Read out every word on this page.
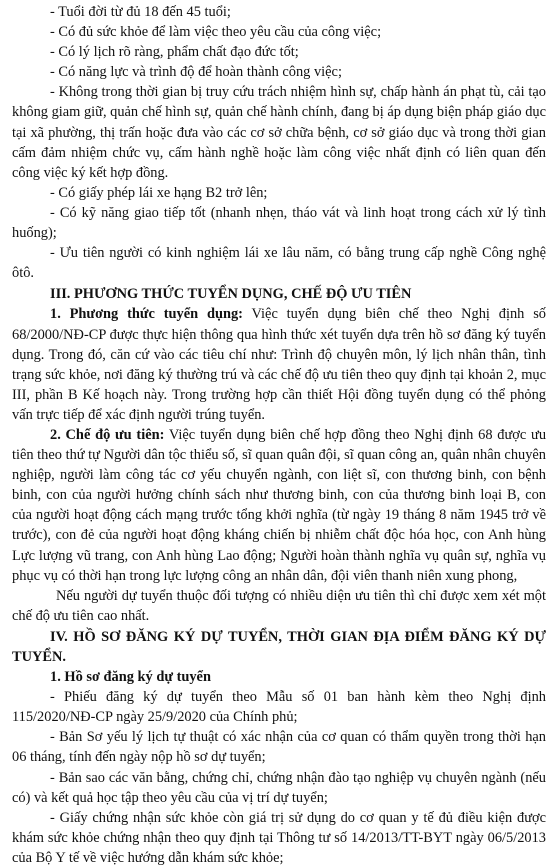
- Tuổi đời từ đủ 18 đến 45 tuổi;

- Có đủ sức khỏe để làm việc theo yêu cầu của công việc;

- Có lý lịch rõ ràng, phẩm chất đạo đức tốt;

- Có năng lực và trình độ để hoàn thành công việc;

- Không trong thời gian bị truy cứu trách nhiệm hình sự, chấp hành án phạt tù, cải tạo không giam giữ, quản chế hình sự, quản chế hành chính, đang bị áp dụng biện pháp giáo dục tại xã phường, thị trấn hoặc đưa vào các cơ sở chữa bệnh, cơ sở giáo dục và trong thời gian cấm đảm nhiệm chức vụ, cấm hành nghề hoặc làm công việc nhất định có liên quan đến công việc ký kết hợp đồng.

- Có giấy phép lái xe hạng B2 trở lên;

- Có kỹ năng giao tiếp tốt (nhanh nhẹn, tháo vát và linh hoạt trong cách xử lý tình huống);

- Ưu tiên người có kinh nghiệm lái xe lâu năm, có bằng trung cấp nghề Công nghệ ôtô.

III. PHƯƠNG THỨC TUYỂN DỤNG, CHẾ ĐỘ ƯU TIÊN

1. Phương thức tuyển dụng: Việc tuyển dụng biên chế theo Nghị định số 68/2000/NĐ-CP được thực hiện thông qua hình thức xét tuyển dựa trên hồ sơ đăng ký tuyển dụng. Trong đó, căn cứ vào các tiêu chí như: Trình độ chuyên môn, lý lịch nhân thân, tình trạng sức khỏe, nơi đăng ký thường trú và các chế độ ưu tiên theo quy định tại khoản 2, mục III, phần B Kế hoạch này. Trong trường hợp cần thiết Hội đồng tuyển dụng có thể phỏng vấn trực tiếp để xác định người trúng tuyển.

2. Chế độ ưu tiên: Việc tuyển dụng biên chế hợp đồng theo Nghị định 68 được ưu tiên theo thứ tự Người dân tộc thiểu số, sĩ quan quân đội, sĩ quan công an, quân nhân chuyên nghiệp, người làm công tác cơ yếu chuyển ngành, con liệt sĩ, con thương binh, con bệnh binh, con của người hưởng chính sách như thương binh, con của thương binh loại B, con của người hoạt động cách mạng trước tổng khởi nghĩa (từ ngày 19 tháng 8 năm 1945 trở về trước), con đẻ của người hoạt động kháng chiến bị nhiễm chất độc hóa học, con Anh hùng Lực lượng vũ trang, con Anh hùng Lao động; Người hoàn thành nghĩa vụ quân sự, nghĩa vụ phục vụ có thời hạn trong lực lượng công an nhân dân, đội viên thanh niên xung phong,

Nếu người dự tuyển thuộc đối tượng có nhiều diện ưu tiên thì chỉ được xem xét một chế độ ưu tiên cao nhất.

IV. HỒ SƠ ĐĂNG KÝ DỰ TUYỂN, THỜI GIAN ĐỊA ĐIỂM ĐĂNG KÝ DỰ TUYỂN.

1. Hồ sơ đăng ký dự tuyển

- Phiếu đăng ký dự tuyển theo Mẫu số 01 ban hành kèm theo Nghị định 115/2020/NĐ-CP ngày 25/9/2020 của Chính phủ;

- Bản Sơ yếu lý lịch tự thuật có xác nhận của cơ quan có thẩm quyền trong thời hạn 06 tháng, tính đến ngày nộp hồ sơ dự tuyển;

- Bản sao các văn bằng, chứng chỉ, chứng nhận đào tạo nghiệp vụ chuyên ngành (nếu có) và kết quả học tập theo yêu cầu của vị trí dự tuyển;

- Giấy chứng nhận sức khỏe còn giá trị sử dụng do cơ quan y tế đủ điều kiện được khám sức khỏe chứng nhận theo quy định tại Thông tư số 14/2013/TT-BYT ngày 06/5/2013 của Bộ Y tế về việc hướng dẫn khám sức khỏe;
